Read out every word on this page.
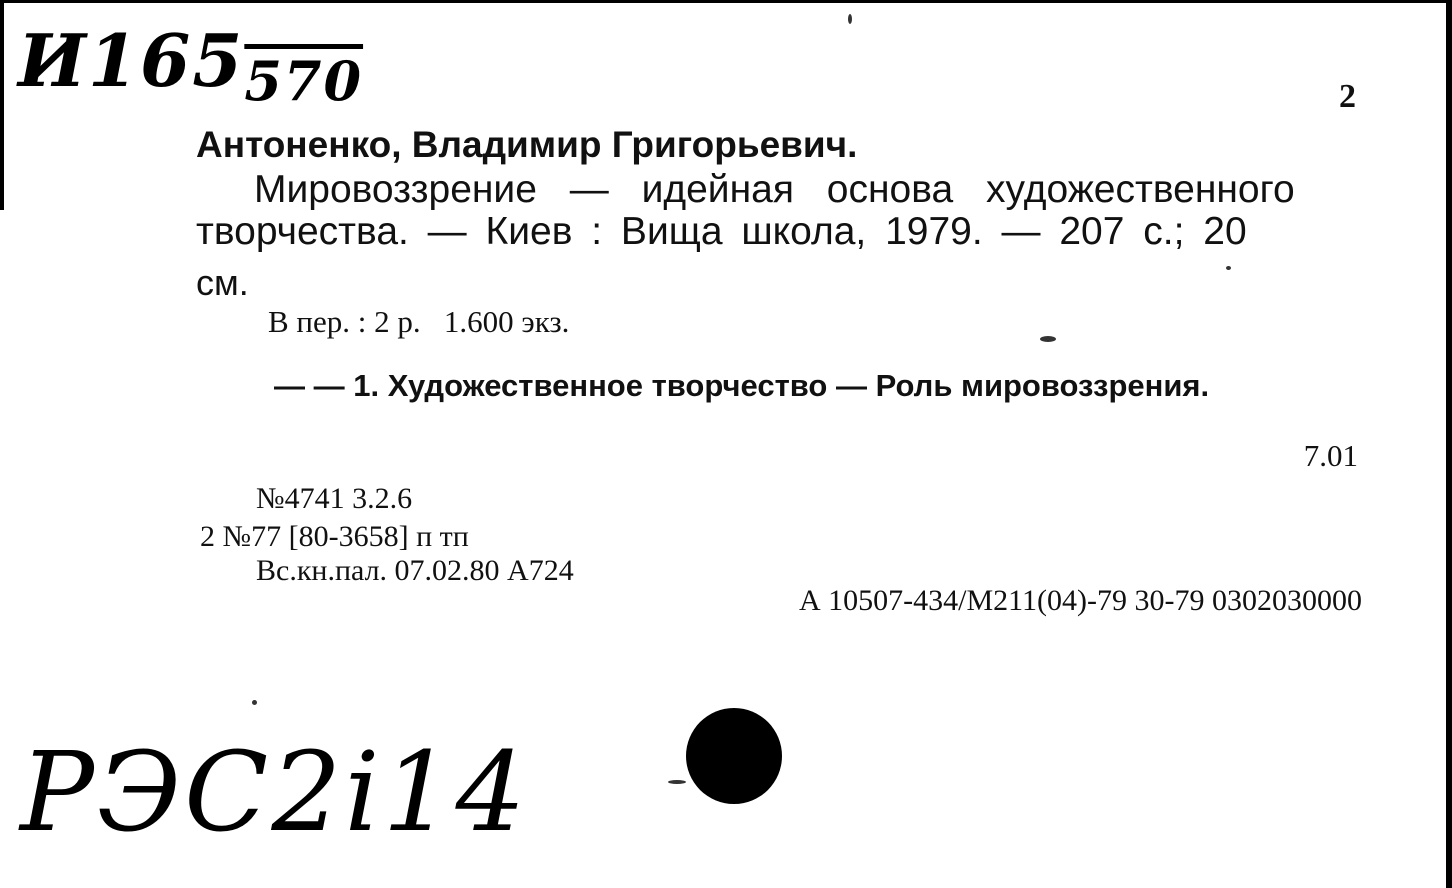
И165570	2
Антоненко, Владимир Григорьевич.
Мировоззрение — идейная основа художественного
творчества. — Киев : Вища школа, 1979. — 207 с.; 20
см.
В пер. : 2 р.   1.600 экз.
— — 1. Художественное творчество — Роль мировоззрения.
7.01
№4741 3.2.6
2 №77 [80-3658] п тп
Вс.кн.пал. 07.02.80 A724
А 10507-434/М211(04)-79 30-79 0302030000
РЭС2i14
